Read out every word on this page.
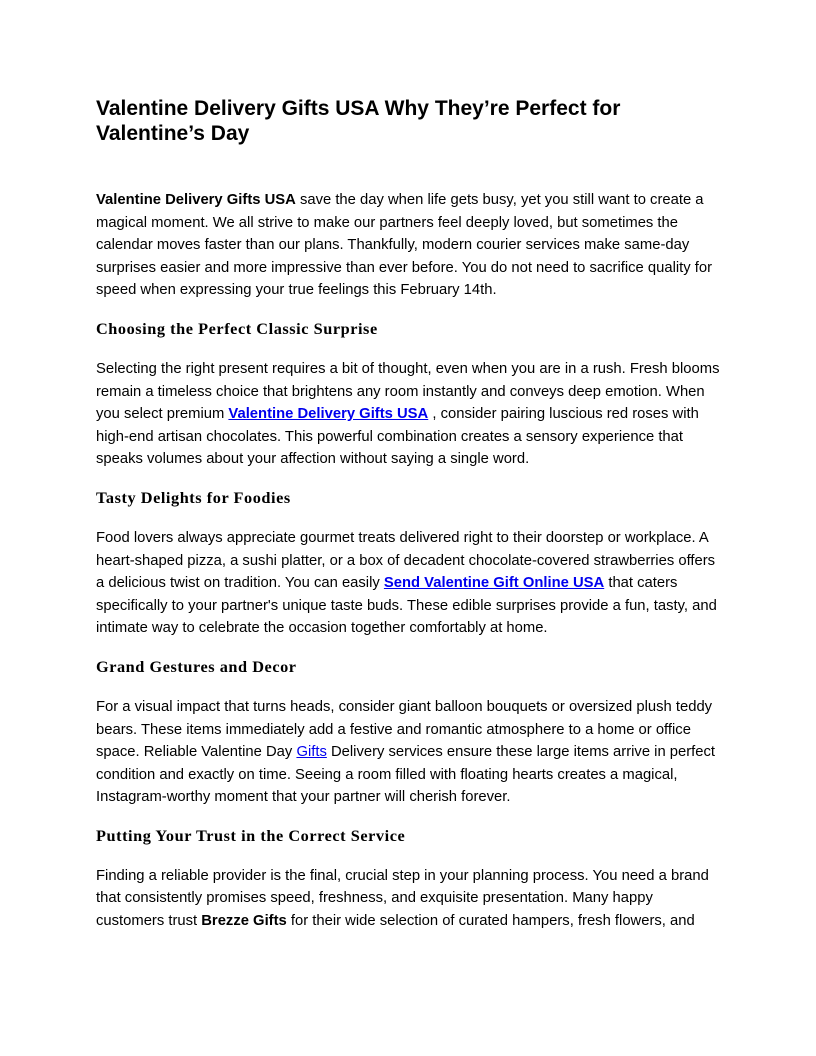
Valentine Delivery Gifts USA Why They’re Perfect for Valentine’s Day

Valentine Delivery Gifts USA save the day when life gets busy, yet you still want to create a magical moment. We all strive to make our partners feel deeply loved, but sometimes the calendar moves faster than our plans. Thankfully, modern courier services make same-day surprises easier and more impressive than ever before. You do not need to sacrifice quality for speed when expressing your true feelings this February 14th.

Choosing the Perfect Classic Surprise

Selecting the right present requires a bit of thought, even when you are in a rush. Fresh blooms remain a timeless choice that brightens any room instantly and conveys deep emotion. When you select premium Valentine Delivery Gifts USA , consider pairing luscious red roses with high-end artisan chocolates. This powerful combination creates a sensory experience that speaks volumes about your affection without saying a single word.

Tasty Delights for Foodies

Food lovers always appreciate gourmet treats delivered right to their doorstep or workplace. A heart-shaped pizza, a sushi platter, or a box of decadent chocolate-covered strawberries offers a delicious twist on tradition. You can easily Send Valentine Gift Online USA that caters specifically to your partner's unique taste buds. These edible surprises provide a fun, tasty, and intimate way to celebrate the occasion together comfortably at home.

Grand Gestures and Decor

For a visual impact that turns heads, consider giant balloon bouquets or oversized plush teddy bears. These items immediately add a festive and romantic atmosphere to a home or office space. Reliable Valentine Day Gifts Delivery services ensure these large items arrive in perfect condition and exactly on time. Seeing a room filled with floating hearts creates a magical, Instagram-worthy moment that your partner will cherish forever.

Putting Your Trust in the Correct Service

Finding a reliable provider is the final, crucial step in your planning process. You need a brand that consistently promises speed, freshness, and exquisite presentation. Many happy customers trust Brezze Gifts for their wide selection of curated hampers, fresh flowers, and
